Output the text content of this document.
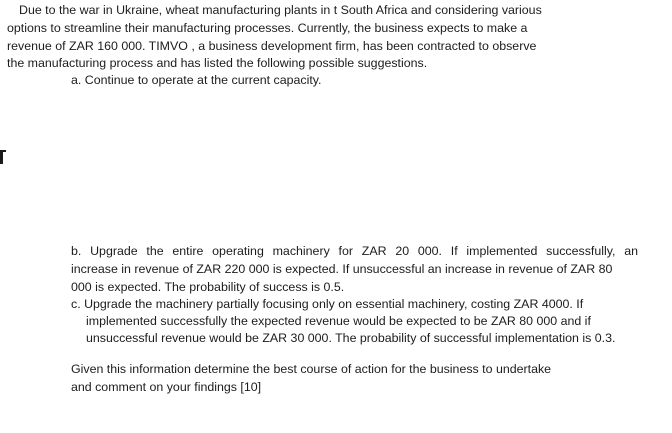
Due to the war in Ukraine, wheat manufacturing plants in t South Africa and considering various
options to streamline their manufacturing processes. Currently, the business expects to make a
revenue of ZAR 160 000. TIMVO , a business development firm, has been contracted to observe
the manufacturing process and has listed the following possible suggestions.
a. Continue to operate at the current capacity.
b. Upgrade the entire operating machinery for ZAR 20 000. If implemented successfully, an
increase in revenue of ZAR 220 000 is expected. If unsuccessful an increase in revenue of ZAR 80
000 is expected. The probability of success is 0.5.
c. Upgrade the machinery partially focusing only on essential machinery, costing ZAR 4000. If
implemented successfully the expected revenue would be expected to be ZAR 80 000 and if
unsuccessful revenue would be ZAR 30 000. The probability of successful implementation is 0.3.
Given this information determine the best course of action for the business to undertake
and comment on your findings [10]
